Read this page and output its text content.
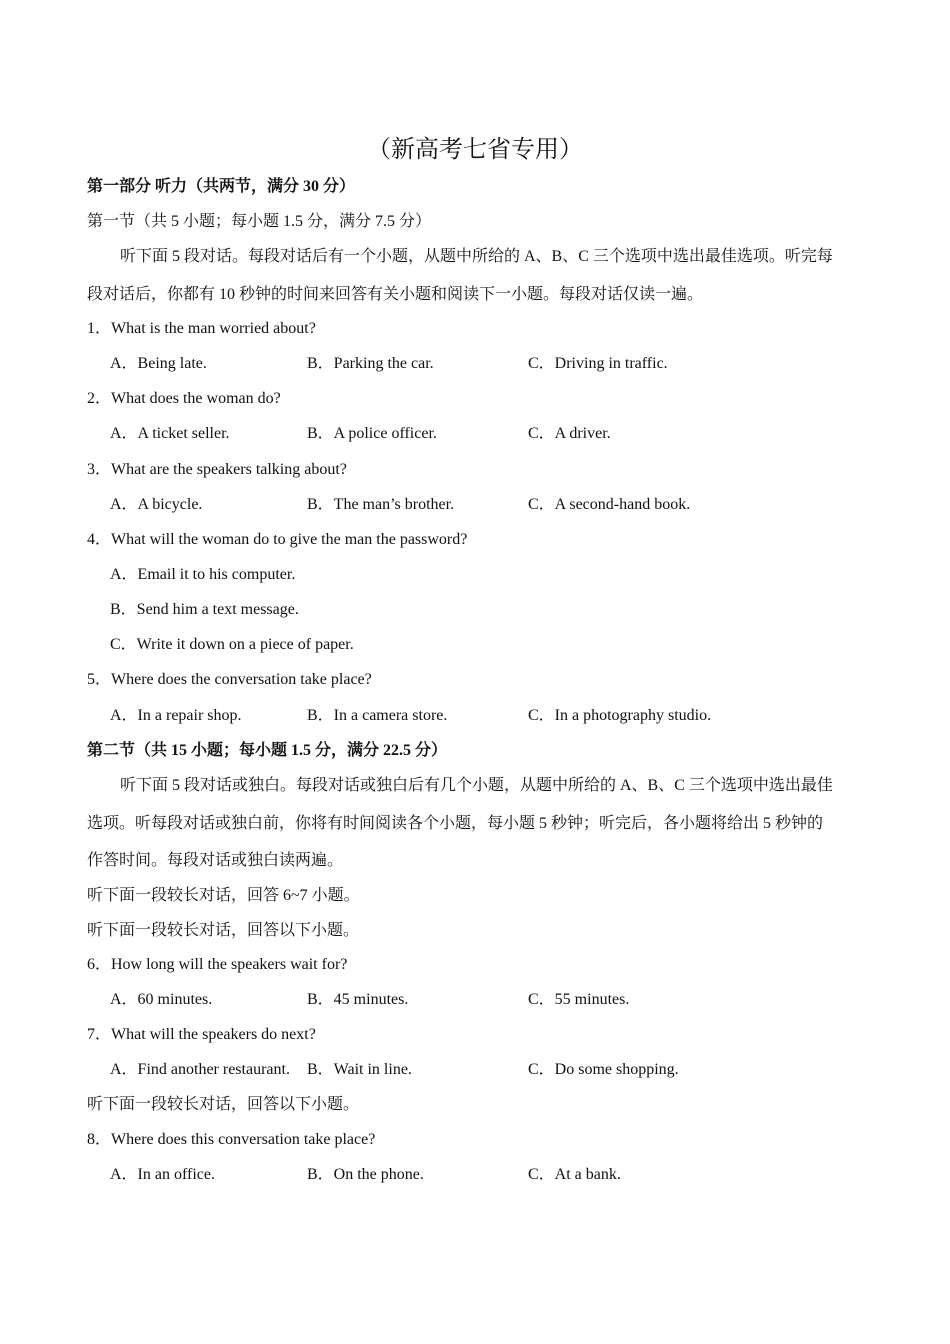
（新高考七省专用）
第一部分 听力（共两节，满分 30 分）
第一节（共 5 小题；每小题 1.5 分，满分 7.5 分）
听下面 5 段对话。每段对话后有一个小题，从题中所给的 A、B、C 三个选项中选出最佳选项。听完每
段对话后，你都有 10 秒钟的时间来回答有关小题和阅读下一小题。每段对话仅读一遍。
1．What is the man worried about?
A．Being late.	B．Parking the car.	C．Driving in traffic.
2．What does the woman do?
A．A ticket seller.	B．A police officer.	C．A driver.
3．What are the speakers talking about?
A．A bicycle.	B．The man’s brother.	C．A second-hand book.
4．What will the woman do to give the man the password?
A．Email it to his computer.
B．Send him a text message.
C．Write it down on a piece of paper.
5．Where does the conversation take place?
A．In a repair shop.	B．In a camera store.	C．In a photography studio.
第二节（共 15 小题；每小题 1.5 分，满分 22.5 分）
听下面 5 段对话或独白。每段对话或独白后有几个小题，从题中所给的 A、B、C 三个选项中选出最佳
选项。听每段对话或独白前，你将有时间阅读各个小题，每小题 5 秒钟；听完后，各小题将给出 5 秒钟的
作答时间。每段对话或独白读两遍。
听下面一段较长对话，回答 6~7 小题。
听下面一段较长对话，回答以下小题。
6．How long will the speakers wait for?
A．60 minutes.	B．45 minutes.	C．55 minutes.
7．What will the speakers do next?
A．Find another restaurant. B．Wait in line.	C．Do some shopping.
听下面一段较长对话，回答以下小题。
8．Where does this conversation take place?
A．In an office.	B．On the phone.	C．At a bank.
